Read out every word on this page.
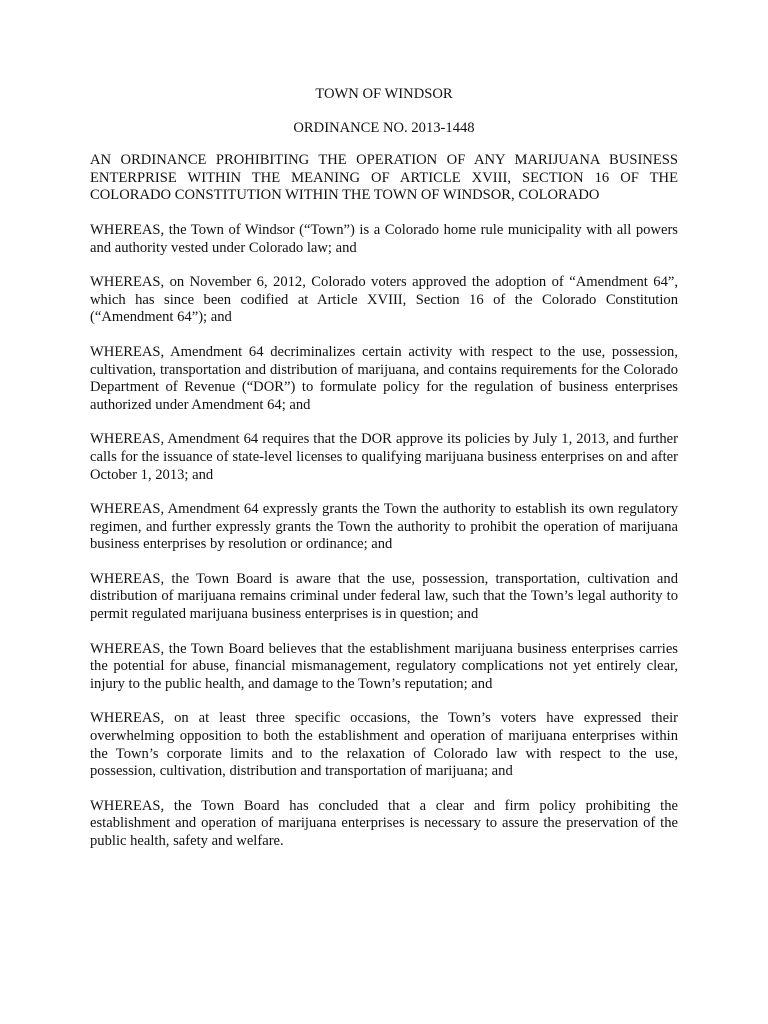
TOWN OF WINDSOR

ORDINANCE NO. 2013-1448

AN ORDINANCE PROHIBITING THE OPERATION OF ANY MARIJUANA BUSINESS ENTERPRISE WITHIN THE MEANING OF ARTICLE XVIII, SECTION 16 OF THE COLORADO CONSTITUTION WITHIN THE TOWN OF WINDSOR, COLORADO

WHEREAS, the Town of Windsor (“Town”) is a Colorado home rule municipality with all powers and authority vested under Colorado law; and

WHEREAS, on November 6, 2012, Colorado voters approved the adoption of “Amendment 64”, which has since been codified at Article XVIII, Section 16 of the Colorado Constitution (“Amendment 64”); and

WHEREAS, Amendment 64 decriminalizes certain activity with respect to the use, possession, cultivation, transportation and distribution of marijuana, and contains requirements for the Colorado Department of Revenue (“DOR”) to formulate policy for the regulation of business enterprises authorized under Amendment 64; and

WHEREAS, Amendment 64 requires that the DOR approve its policies by July 1, 2013, and further calls for the issuance of state-level licenses to qualifying marijuana business enterprises on and after October 1, 2013; and

WHEREAS, Amendment 64 expressly grants the Town the authority to establish its own regulatory regimen, and further expressly grants the Town the authority to prohibit the operation of marijuana business enterprises by resolution or ordinance; and

WHEREAS, the Town Board is aware that the use, possession, transportation, cultivation and distribution of marijuana remains criminal under federal law, such that the Town’s legal authority to permit regulated marijuana business enterprises is in question; and

WHEREAS, the Town Board believes that the establishment marijuana business enterprises carries the potential for abuse, financial mismanagement, regulatory complications not yet entirely clear, injury to the public health, and damage to the Town’s reputation; and

WHEREAS, on at least three specific occasions, the Town’s voters have expressed their overwhelming opposition to both the establishment and operation of marijuana enterprises within the Town’s corporate limits and to the relaxation of Colorado law with respect to the use, possession, cultivation, distribution and transportation of marijuana; and

WHEREAS, the Town Board has concluded that a clear and firm policy prohibiting the establishment and operation of marijuana enterprises is necessary to assure the preservation of the public health, safety and welfare.
